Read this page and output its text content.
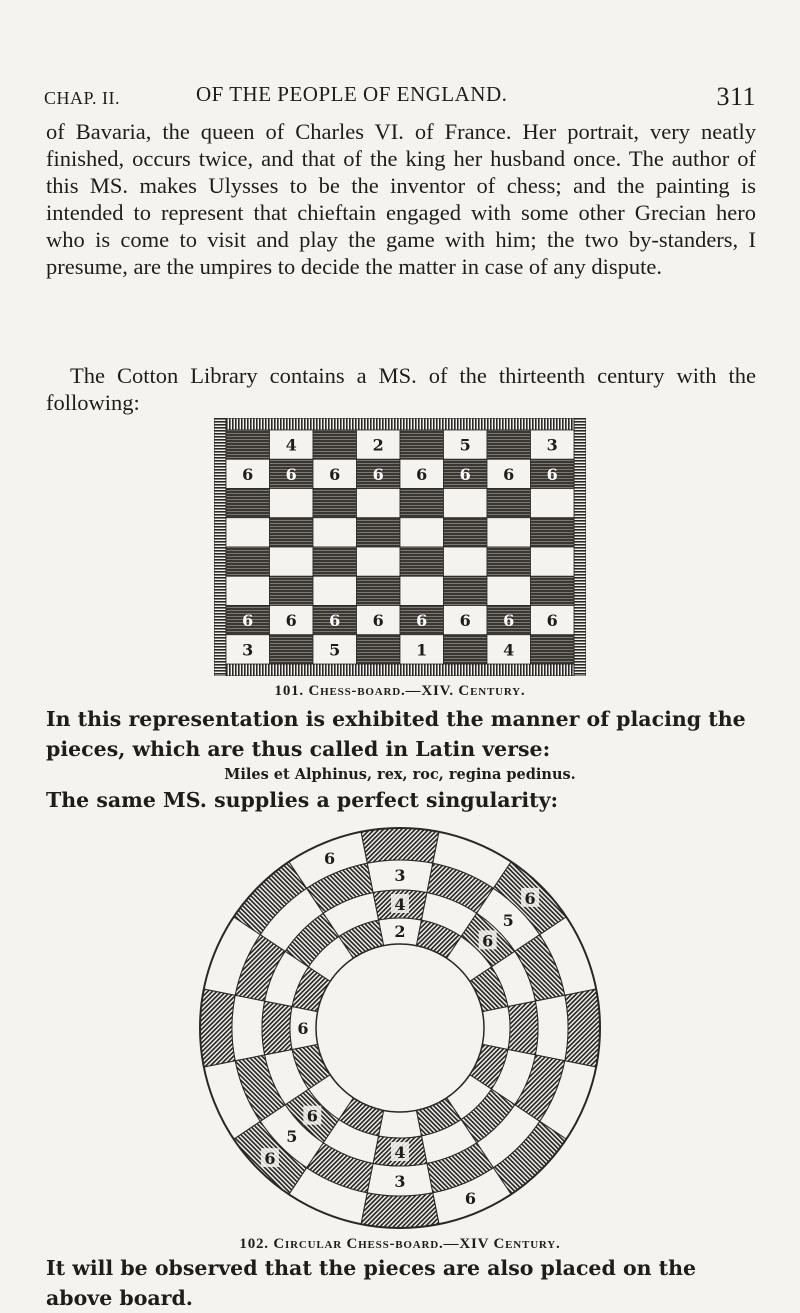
CHAP. II.	OF THE PEOPLE OF ENGLAND.	311

of Bavaria, the queen of Charles VI. of France. Her portrait, very neatly finished, occurs twice, and that of the king her husband once. The author of this MS. makes Ulysses to be the inventor of chess; and the painting is intended to represent that chieftain engaged with some other Grecian hero who is come to visit and play the game with him; the two by-standers, I presume, are the umpires to decide the matter in case of any dispute.

The Cotton Library contains a MS. of the thirteenth century with the following:

4	2	5	3
6 6 6 6 6 6 6 6
6 6 6 6 6 6 6 6
3	5	1	4
101. Chess-board.—XIV. Century.

In this representation is exhibited the manner of placing the pieces, which are thus called in Latin verse:

Miles et Alphinus, rex, roc, regina pedinus.

The same MS. supplies a perfect singularity:

3
5
6
6
4
6
2
6
4
6
5
6
6
3
102. Circular Chess-board.—XIV Century.

It will be observed that the pieces are also placed on the above board.
